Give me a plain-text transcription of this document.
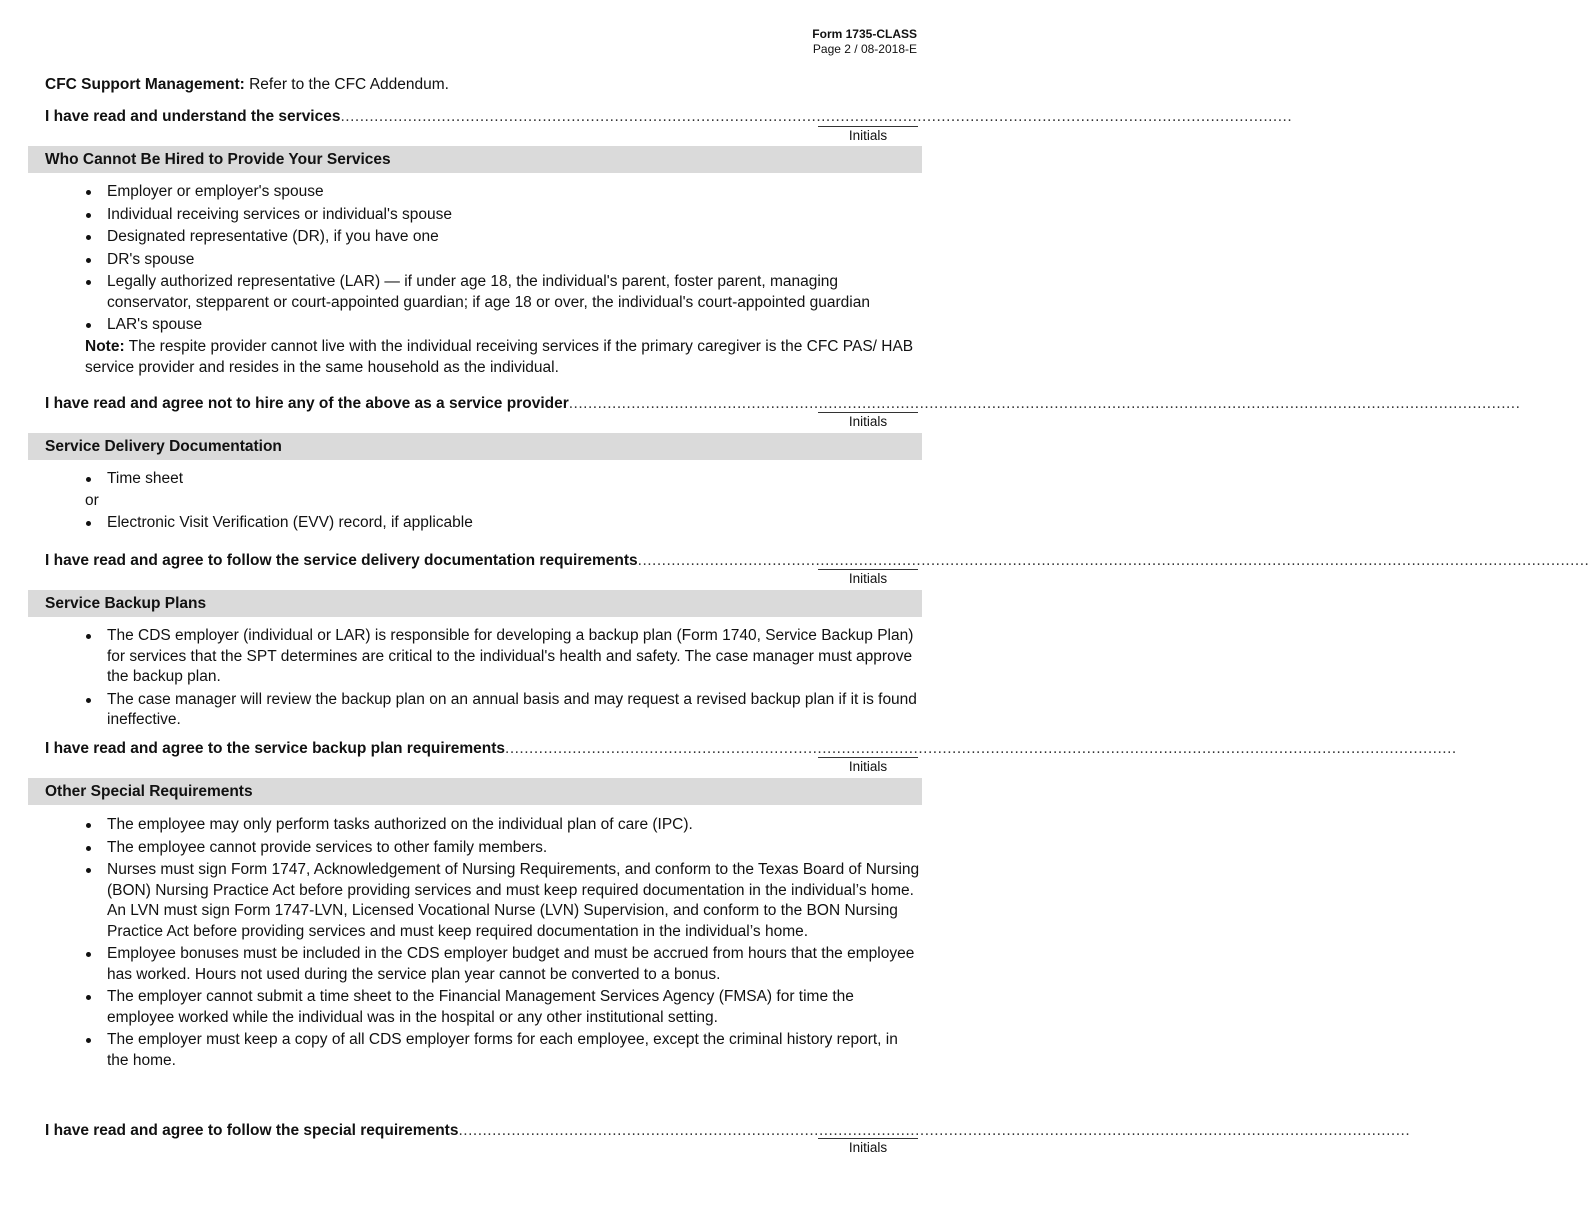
Form 1735-CLASS
Page 2 / 08-2018-E
CFC Support Management: Refer to the CFC Addendum.
I have read and understand the services ......................................................................................................................................................................................................
Initials
Who Cannot Be Hired to Provide Your Services
Employer or employer's spouse
Individual receiving services or individual's spouse
Designated representative (DR), if you have one
DR's spouse
Legally authorized representative (LAR) — if under age 18, the individual's parent, foster parent, managing conservator, stepparent or court-appointed guardian; if age 18 or over, the individual's court-appointed guardian
LAR's spouse
Note: The respite provider cannot live with the individual receiving services if the primary caregiver is the CFC PAS/ HAB service provider and resides in the same household as the individual.
I have read and agree not to hire any of the above as a service provider ......................................................................................................................................................................................................
Initials
Service Delivery Documentation
Time sheet
or
Electronic Visit Verification (EVV) record, if applicable
I have read and agree to follow the service delivery documentation requirements ......................................................................................................................................................................................................
Initials
Service Backup Plans
The CDS employer (individual or LAR) is responsible for developing a backup plan (Form 1740, Service Backup Plan) for services that the SPT determines are critical to the individual's health and safety. The case manager must approve the backup plan.
The case manager will review the backup plan on an annual basis and may request a revised backup plan if it is found ineffective.
I have read and agree to the service backup plan requirements ......................................................................................................................................................................................................
Initials
Other Special Requirements
The employee may only perform tasks authorized on the individual plan of care (IPC).
The employee cannot provide services to other family members.
Nurses must sign Form 1747, Acknowledgement of Nursing Requirements, and conform to the Texas Board of Nursing (BON) Nursing Practice Act before providing services and must keep required documentation in the individual’s home. An LVN must sign Form 1747-LVN, Licensed Vocational Nurse (LVN) Supervision, and conform to the BON Nursing Practice Act before providing services and must keep required documentation in the individual’s home.
Employee bonuses must be included in the CDS employer budget and must be accrued from hours that the employee has worked. Hours not used during the service plan year cannot be converted to a bonus.
The employer cannot submit a time sheet to the Financial Management Services Agency (FMSA) for time the employee worked while the individual was in the hospital or any other institutional setting.
The employer must keep a copy of all CDS employer forms for each employee, except the criminal history report, in the home.
I have read and agree to follow the special requirements ......................................................................................................................................................................................................
Initials
